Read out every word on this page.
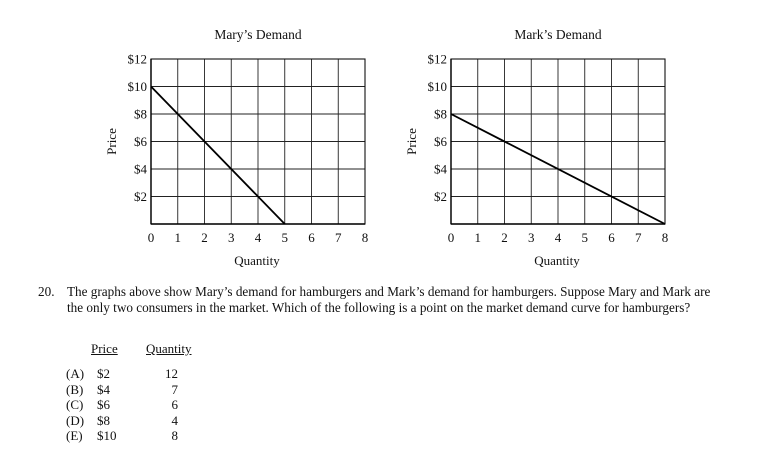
Mary’s Demand
0 1 2 3 4 5 6 7 8
$2
$4
$6
$8
$10
$12
Quantity
Price
Mark’s Demand
0 1 2 3 4 5 6 7 8
$2
$4
$6
$8
$10
$12
Quantity
Price
20. The graphs above show Mary’s demand for hamburgers and Mark’s demand for hamburgers. Suppose Mary and Mark are the only two consumers in the market. Which of the following is a point on the market demand curve for hamburgers?
Price Quantity
(A) $2	12
(B) $4	7
(C) $6	6
(D) $8	4
(E) $10	8
